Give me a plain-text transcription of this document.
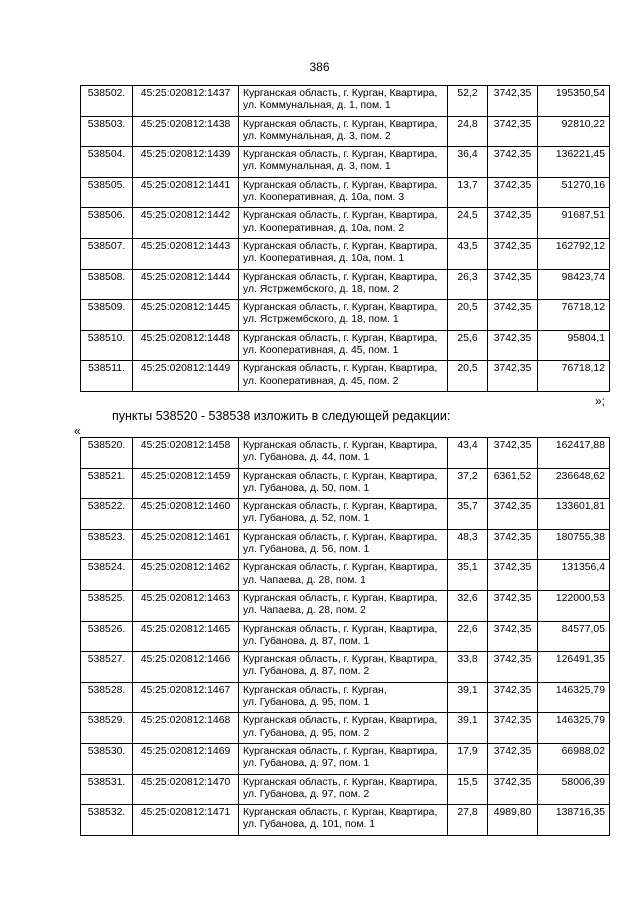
386
538502.	45:25:020812:1437	Курганская область, г. Курган, Квартира,
ул. Коммунальная, д. 1, пом. 1	52,2	3742,35	195350,54
538503.	45:25:020812:1438	Курганская область, г. Курган, Квартира,
ул. Коммунальная, д. 3, пом. 2	24,8	3742,35	92810,22
538504.	45:25:020812:1439	Курганская область, г. Курган, Квартира,
ул. Коммунальная, д. 3, пом. 1	36,4	3742,35	136221,45
538505.	45:25:020812:1441	Курганская область, г. Курган, Квартира,
ул. Кооперативная, д. 10а, пом. 3	13,7	3742,35	51270,16
538506.	45:25:020812:1442	Курганская область, г. Курган, Квартира,
ул. Кооперативная, д. 10а, пом. 2	24,5	3742,35	91687,51
538507.	45:25:020812:1443	Курганская область, г. Курган, Квартира,
ул. Кооперативная, д. 10а, пом. 1	43,5	3742,35	162792,12
538508.	45:25:020812:1444	Курганская область, г. Курган, Квартира,
ул. Ястржембского, д. 18, пом. 2	26,3	3742,35	98423,74
538509.	45:25:020812:1445	Курганская область, г. Курган, Квартира,
ул. Ястржембского, д. 18, пом. 1	20,5	3742,35	76718,12
538510.	45:25:020812:1448	Курганская область, г. Курган, Квартира,
ул. Кооперативная, д. 45, пом. 1	25,6	3742,35	95804,1
538511.	45:25:020812:1449	Курганская область, г. Курган, Квартира,
ул. Кооперативная, д. 45, пом. 2	20,5	3742,35	76718,12
»;
пункты 538520 - 538538 изложить в следующей редакции:
«
538520.	45:25:020812:1458	Курганская область, г. Курган, Квартира,
ул. Губанова, д. 44, пом. 1	43,4	3742,35	162417,88
538521.	45:25:020812:1459	Курганская область, г. Курган, Квартира,
ул. Губанова, д. 50, пом. 1	37,2	6361,52	236648,62
538522.	45:25:020812:1460	Курганская область, г. Курган, Квартира,
ул. Губанова, д. 52, пом. 1	35,7	3742,35	133601,81
538523.	45:25:020812:1461	Курганская область, г. Курган, Квартира,
ул. Губанова, д. 56, пом. 1	48,3	3742,35	180755,38
538524.	45:25:020812:1462	Курганская область, г. Курган, Квартира,
ул. Чапаева, д. 28, пом. 1	35,1	3742,35	131356,4
538525.	45:25:020812:1463	Курганская область, г. Курган, Квартира,
ул. Чапаева, д. 28, пом. 2	32,6	3742,35	122000,53
538526.	45:25:020812:1465	Курганская область, г. Курган, Квартира,
ул. Губанова, д. 87, пом. 1	22,6	3742,35	84577,05
538527.	45:25:020812:1466	Курганская область, г. Курган, Квартира,
ул. Губанова, д. 87, пом. 2	33,8	3742,35	126491,35
538528.	45:25:020812:1467	Курганская область, г. Курган,
ул. Губанова, д. 95, пом. 1	39,1	3742,35	146325,79
538529.	45:25:020812:1468	Курганская область, г. Курган, Квартира,
ул. Губанова, д. 95, пом. 2	39,1	3742,35	146325,79
538530.	45:25:020812:1469	Курганская область, г. Курган, Квартира,
ул. Губанова, д. 97, пом. 1	17,9	3742,35	66988,02
538531.	45:25:020812:1470	Курганская область, г. Курган, Квартира,
ул. Губанова, д. 97, пом. 2	15,5	3742,35	58006,39
538532.	45:25:020812:1471	Курганская область, г. Курган, Квартира,
ул. Губанова, д. 101, пом. 1	27,8	4989,80	138716,35
